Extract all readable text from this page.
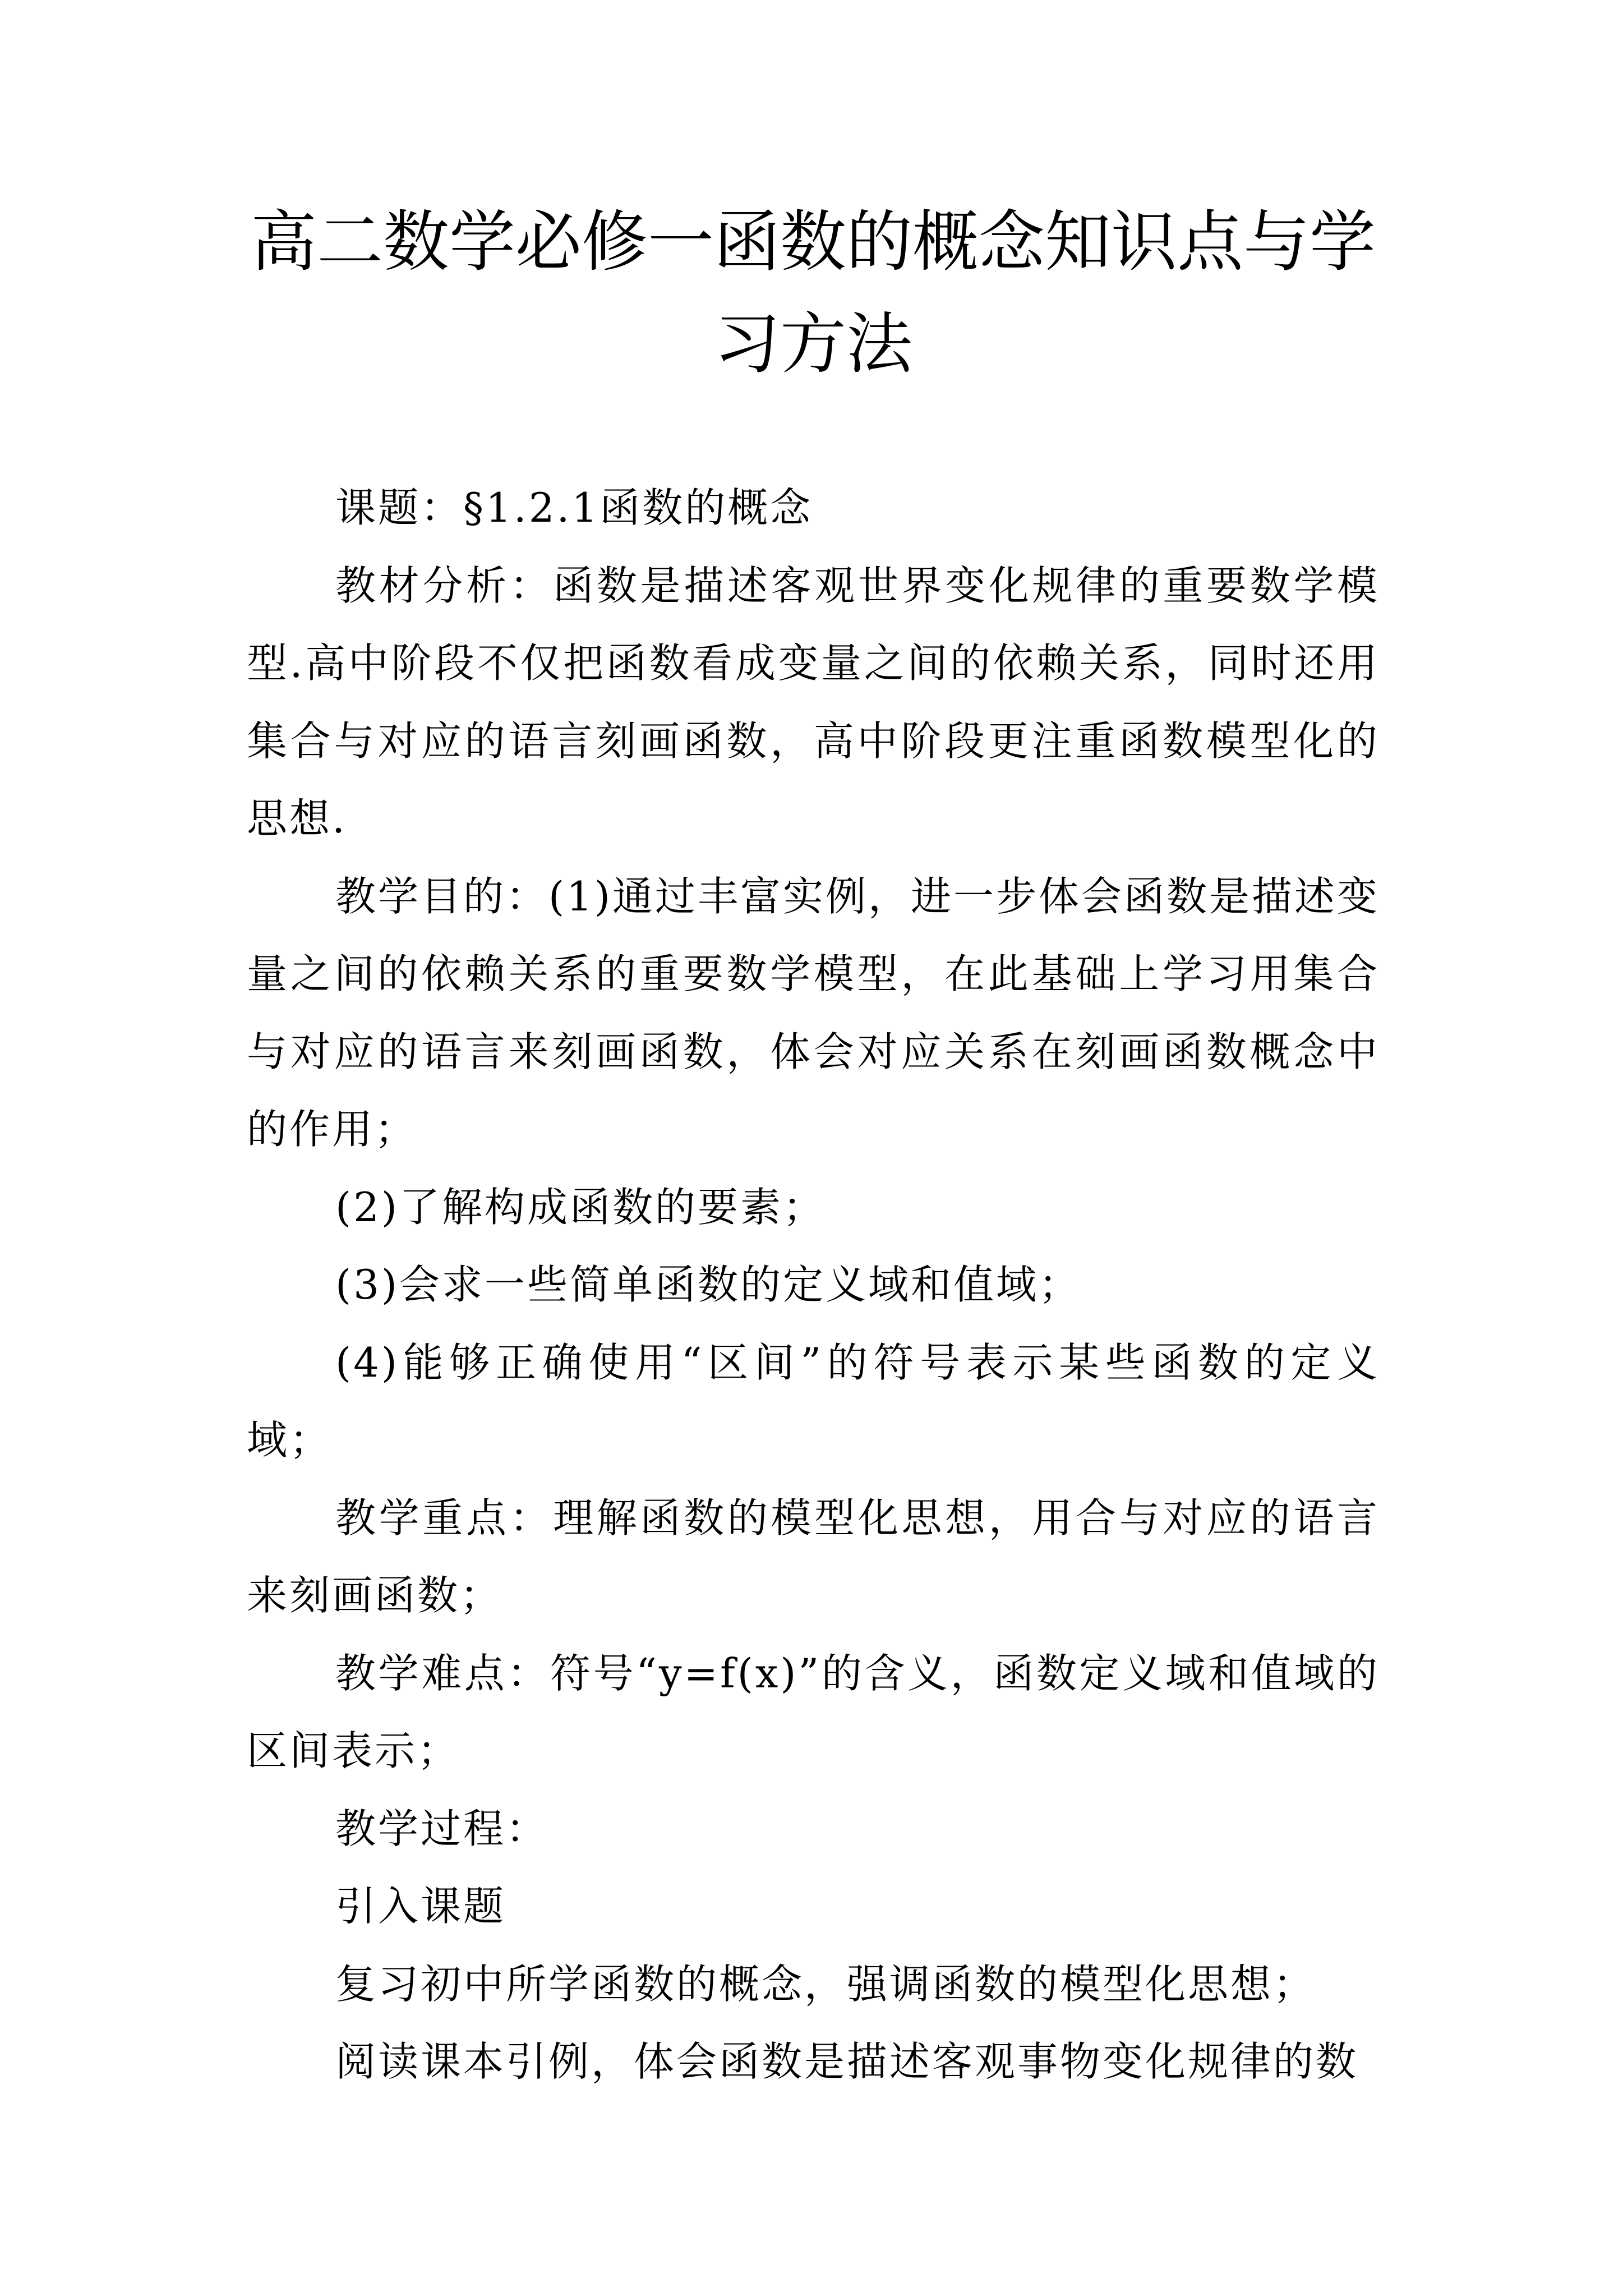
高二数学必修一函数的概念知识点与学习方法

课题：§1.2.1函数的概念

教材分析：函数是描述客观世界变化规律的重要数学模型.高中阶段不仅把函数看成变量之间的依赖关系，同时还用集合与对应的语言刻画函数，高中阶段更注重函数模型化的思想.

教学目的：(1)通过丰富实例，进一步体会函数是描述变量之间的依赖关系的重要数学模型，在此基础上学习用集合与对应的语言来刻画函数，体会对应关系在刻画函数概念中的作用；

(2)了解构成函数的要素；

(3)会求一些简单函数的定义域和值域；

(4)能够正确使用“区间”的符号表示某些函数的定义域；

教学重点：理解函数的模型化思想，用合与对应的语言来刻画函数；

教学难点：符号“y=f(x)”的含义，函数定义域和值域的区间表示；

教学过程：

引入课题

复习初中所学函数的概念，强调函数的模型化思想；

阅读课本引例，体会函数是描述客观事物变化规律的数
